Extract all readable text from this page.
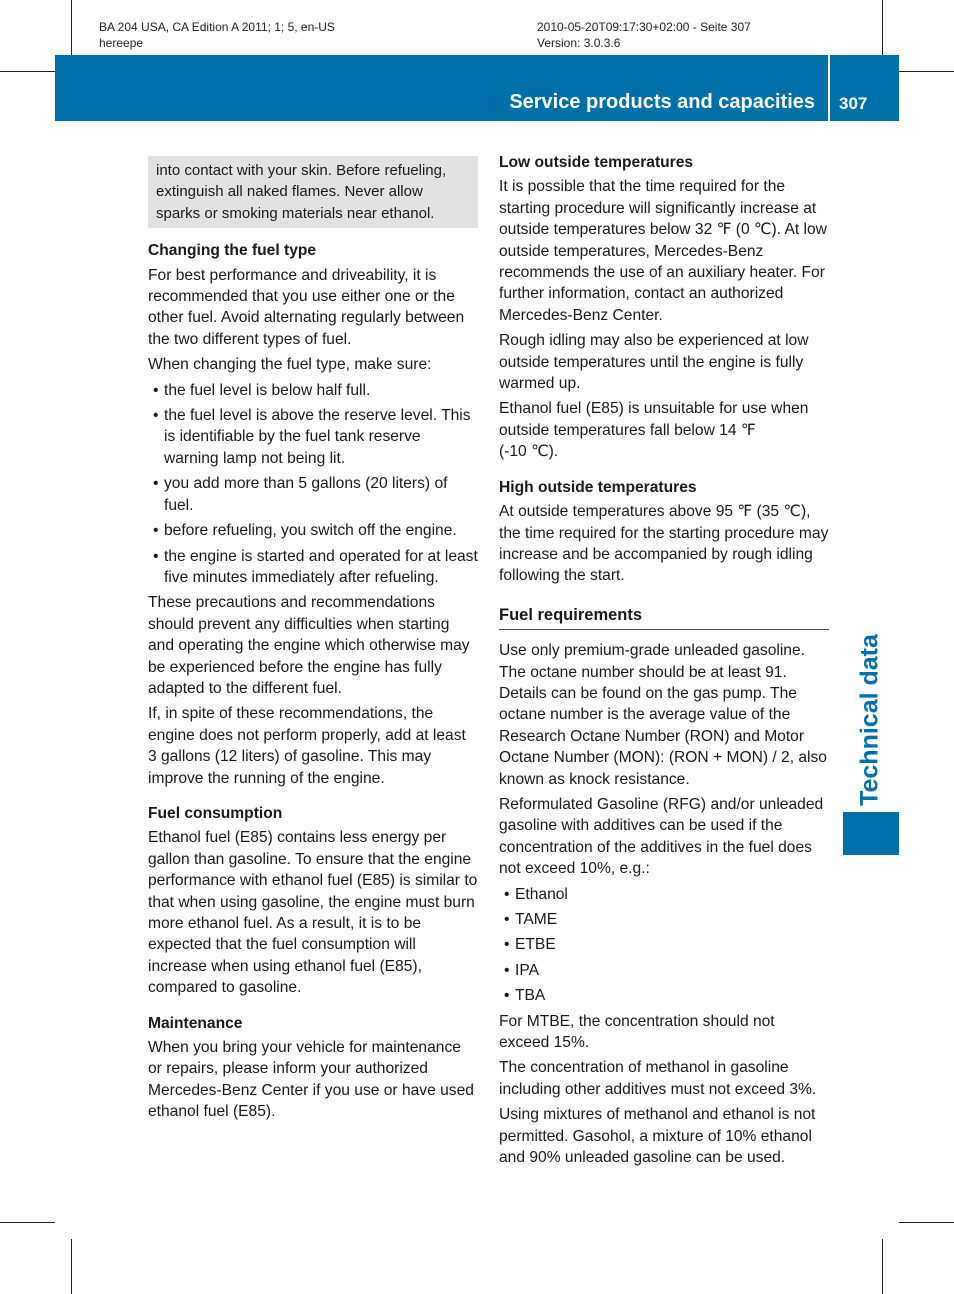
BA 204 USA, CA Edition A 2011; 1; 5, en-US
hereepe
2010-05-20T09:17:30+02:00 - Seite 307
Version: 3.0.3.6
Service products and capacities 307
Technical data
into contact with your skin. Before refueling, extinguish all naked flames. Never allow sparks or smoking materials near ethanol.
Changing the fuel type

For best performance and driveability, it is recommended that you use either one or the other fuel. Avoid alternating regularly between the two different types of fuel.

When changing the fuel type, make sure:

• the fuel level is below half full.
• the fuel level is above the reserve level. This is identifiable by the fuel tank reserve warning lamp not being lit.
• you add more than 5 gallons (20 liters) of fuel.
• before refueling, you switch off the engine.
• the engine is started and operated for at least five minutes immediately after refueling.

These precautions and recommendations should prevent any difficulties when starting and operating the engine which otherwise may be experienced before the engine has fully adapted to the different fuel.

If, in spite of these recommendations, the engine does not perform properly, add at least 3 gallons (12 liters) of gasoline. This may improve the running of the engine.

Fuel consumption

Ethanol fuel (E85) contains less energy per gallon than gasoline. To ensure that the engine performance with ethanol fuel (E85) is similar to that when using gasoline, the engine must burn more ethanol fuel. As a result, it is to be expected that the fuel consumption will increase when using ethanol fuel (E85), compared to gasoline.

Maintenance

When you bring your vehicle for maintenance or repairs, please inform your authorized Mercedes-Benz Center if you use or have used ethanol fuel (E85).

Low outside temperatures

It is possible that the time required for the starting procedure will significantly increase at outside temperatures below 32 ℉ (0 ℃). At low outside temperatures, Mercedes-Benz recommends the use of an auxiliary heater. For further information, contact an authorized Mercedes-Benz Center.

Rough idling may also be experienced at low outside temperatures until the engine is fully warmed up.

Ethanol fuel (E85) is unsuitable for use when outside temperatures fall below 14 ℉
(-10 ℃).

High outside temperatures

At outside temperatures above 95 ℉ (35 ℃), the time required for the starting procedure may increase and be accompanied by rough idling following the start.

Fuel requirements

Use only premium-grade unleaded gasoline. The octane number should be at least 91. Details can be found on the gas pump. The octane number is the average value of the Research Octane Number (RON) and Motor Octane Number (MON): (RON + MON) / 2, also known as knock resistance.

Reformulated Gasoline (RFG) and/or unleaded gasoline with additives can be used if the concentration of the additives in the fuel does not exceed 10%, e.g.:

• Ethanol
• TAME
• ETBE
• IPA
• TBA

For MTBE, the concentration should not exceed 15%.

The concentration of methanol in gasoline including other additives must not exceed 3%.

Using mixtures of methanol and ethanol is not permitted. Gasohol, a mixture of 10% ethanol and 90% unleaded gasoline can be used.
